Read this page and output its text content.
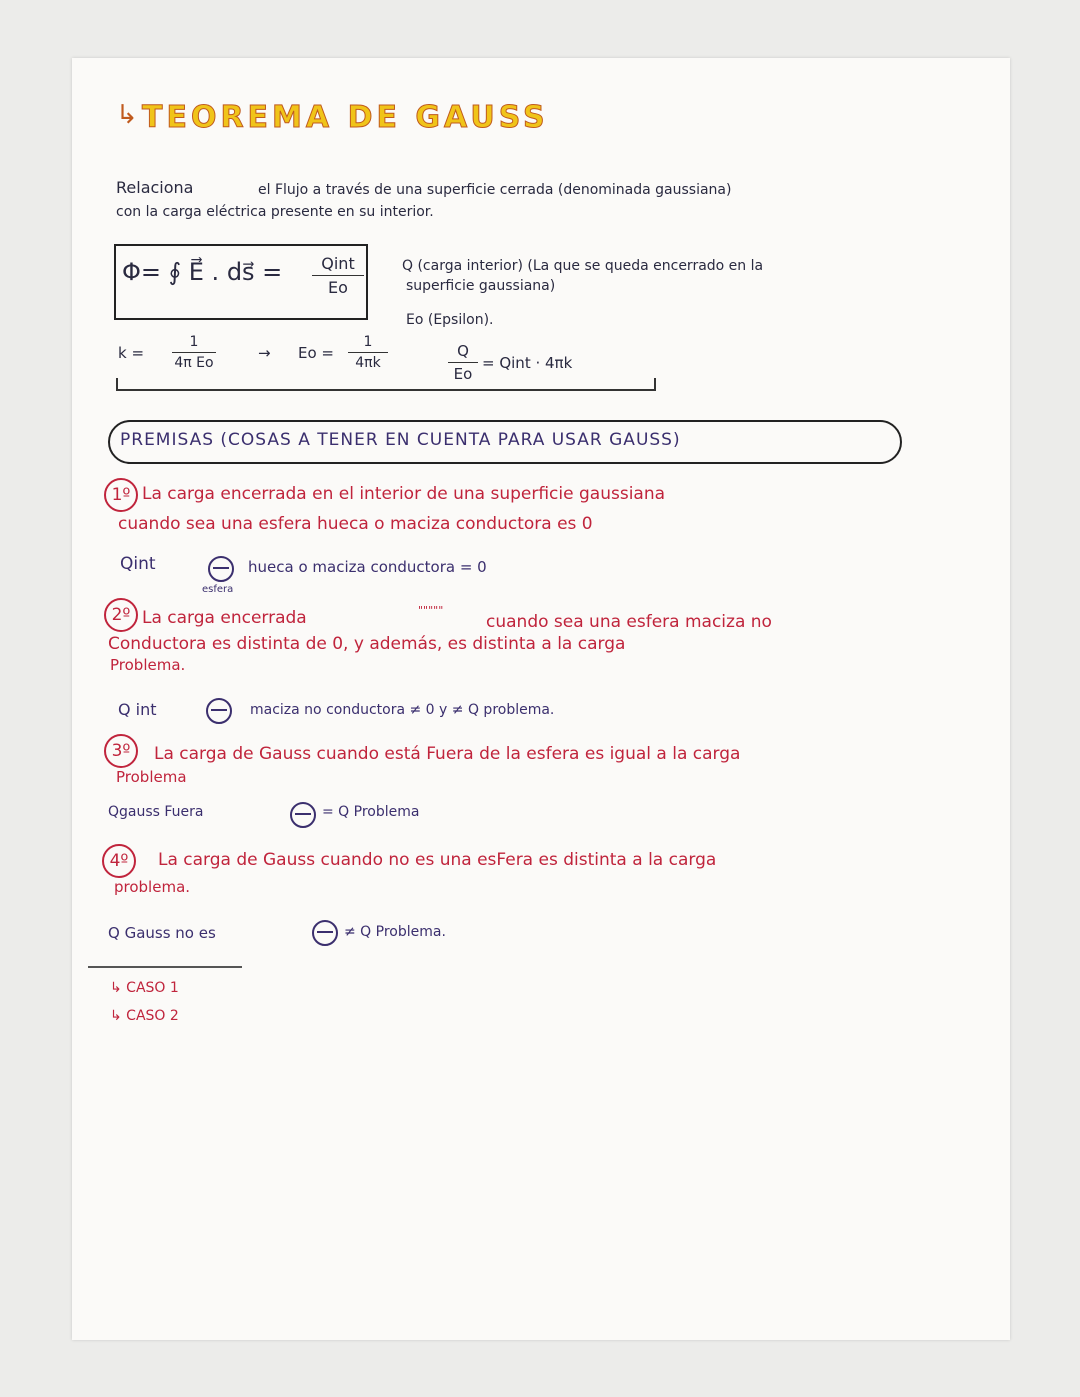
↳ TEOREMA DE GAUSS
Relaciona	el Flujo a través de una superficie cerrada (denominada gaussiana)
con la carga eléctrica presente en su interior.
Φ= ∮ E⃗ . ds⃗ =	Qint
Eo
Q (carga interior) (La que se queda encerrado en la
superficie gaussiana)
Eo (Epsilon).
k =
1
4π Eo
→ Eo =
1
4πk
Q
Eo
= Qint · 4πk
PREMISAS (COSAS A TENER EN CUENTA PARA USAR GAUSS)
1º La carga encerrada en el interior de una superficie gaussiana
cuando sea una esfera hueca o maciza conductora es 0
Qint	hueca o maciza conductora = 0
esfera
2º La carga encerrada	"""""
cuando sea una esfera maciza no
Conductora es distinta de 0, y además, es distinta a la carga
Problema.
Q int	maciza no conductora ≠ 0 y ≠ Q problema.
3º	La carga de Gauss cuando está Fuera de la esfera es igual a la carga
Problema
Qgauss Fuera	= Q Problema
4º	La carga de Gauss cuando no es una esFera es distinta a la carga
problema.
Q Gauss no es	≠ Q Problema.
↳ CASO 1
↳ CASO 2
